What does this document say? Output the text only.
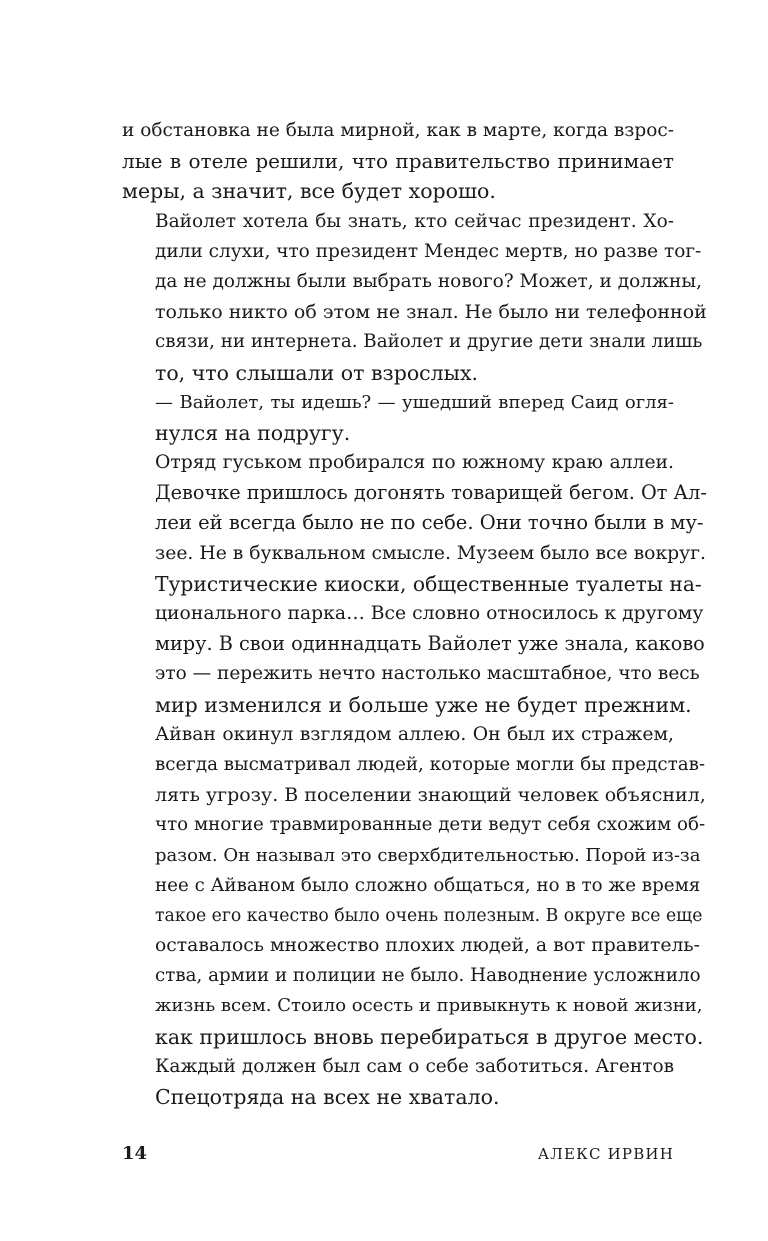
и обстановка не была мирной, как в марте, когда взрос-
лые в отеле решили, что правительство принимает
меры, а значит, все будет хорошо.
Вайолет хотела бы знать, кто сейчас президент. Хо-
дили слухи, что президент Мендес мертв, но разве тог-
да не должны были выбрать нового? Может, и должны,
только никто об этом не знал. Не было ни телефонной
связи, ни интернета. Вайолет и другие дети знали лишь
то, что слышали от взрослых.
— Вайолет, ты идешь? — ушедший вперед Саид огля-
нулся на подругу.
Отряд гуськом пробирался по южному краю аллеи.
Девочке пришлось догонять товарищей бегом. От Ал-
леи ей всегда было не по себе. Они точно были в му-
зее. Не в буквальном смысле. Музеем было все вокруг.
Туристические киоски, общественные туалеты на-
ционального парка… Все словно относилось к другому
миру. В свои одиннадцать Вайолет уже знала, каково
это — пережить нечто настолько масштабное, что весь
мир изменился и больше уже не будет прежним.
Айван окинул взглядом аллею. Он был их стражем,
всегда высматривал людей, которые могли бы представ-
лять угрозу. В поселении знающий человек объяснил,
что многие травмированные дети ведут себя схожим об-
разом. Он называл это сверхбдительностью. Порой из-за
нее с Айваном было сложно общаться, но в то же время
такое его качество было очень полезным. В округе все еще
оставалось множество плохих людей, а вот правитель-
ства, армии и полиции не было. Наводнение усложнило
жизнь всем. Стоило осесть и привыкнуть к новой жизни,
как пришлось вновь перебираться в другое место.
Каждый должен был сам о себе заботиться. Агентов
Спецотряда на всех не хватало.
14	АЛЕКС ИРВИН
